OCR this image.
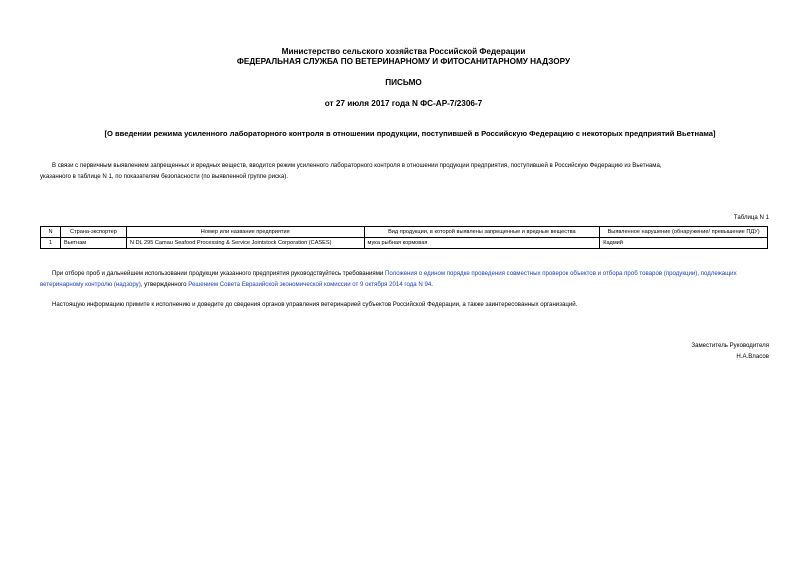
Министерство сельского хозяйства Российской Федерации
ФЕДЕРАЛЬНАЯ СЛУЖБА ПО ВЕТЕРИНАРНОМУ И ФИТОСАНИТАРНОМУ НАДЗОРУ
ПИСЬМО
от 27 июля 2017 года N ФС-АР-7/2306-7
[О введении режима усиленного лабораторного контроля в отношении продукции, поступившей в Российскую Федерацию с некоторых предприятий Вьетнама]
В связи с первичным выявлением запрещенных и вредных веществ, вводится режим усиленного лабораторного контроля в отношении продукции предприятия, поступившей в Российскую Федерацию из Вьетнама,
указанного в таблице N 1, по показателям безопасности (по выявленной группе риска).
Таблица N 1
N	Страна-экспортер	Номер или название предприятия	Вид продукции, в которой выявлены запрещенные и вредные вещества	Выявленное нарушение (обнаружение/ превышение ПДУ)
1	Вьетнам	N DL 295 Camau Seafood Processing & Service Jointstock Corporation (CASES)	мука рыбная кормовая	Кадмий
При отборе проб и дальнейшем использовании продукции указанного предприятия руководствуйтесь требованиями Положения о едином порядке проведения совместных проверок объектов и отбора проб товаров (продукции), подлежащих ветеринарному контролю (надзору), утвержденного Решением Совета Евразийской экономической комиссии от 9 октября 2014 года N 94.
Настоящую информацию примите к исполнению и доведите до сведения органов управления ветеринарией субъектов Российской Федерации, а также заинтересованных организаций.
Заместитель Руководителя
Н.А.Власов
